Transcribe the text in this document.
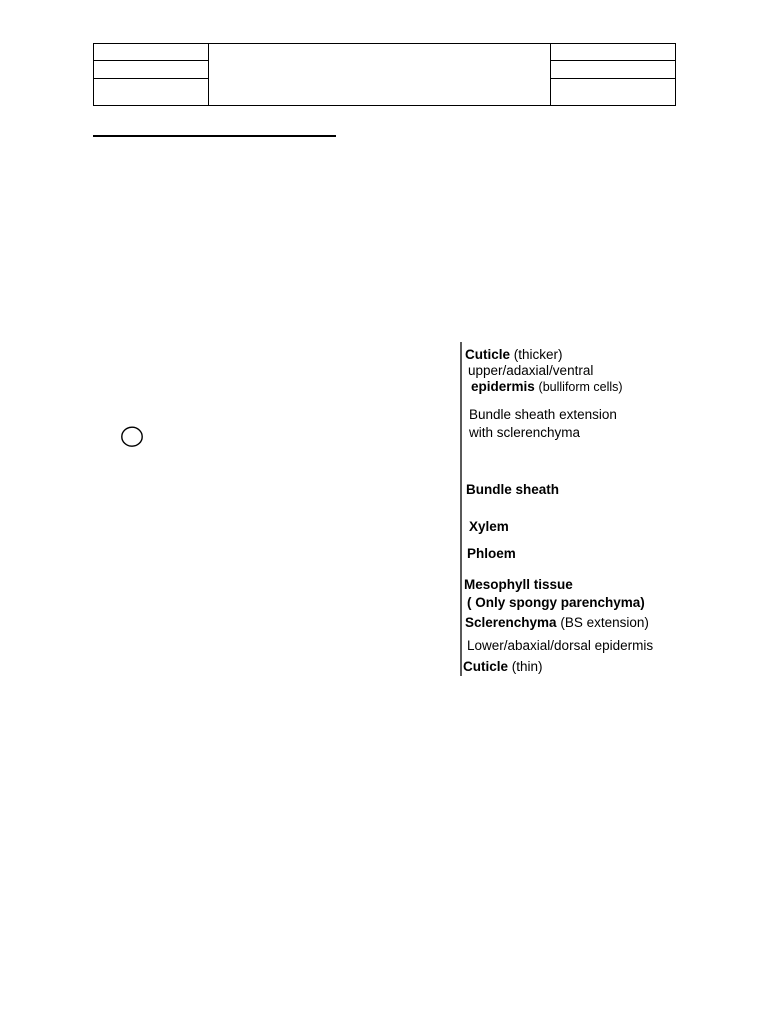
Cuticle (thicker)
upper/adaxial/ventral
epidermis (bulliform cells)
Bundle sheath extension
with sclerenchyma
Bundle sheath
Xylem
Phloem
Mesophyll tissue
( Only spongy parenchyma)
Sclerenchyma (BS extension)
Lower/abaxial/dorsal epidermis
Cuticle (thin)
